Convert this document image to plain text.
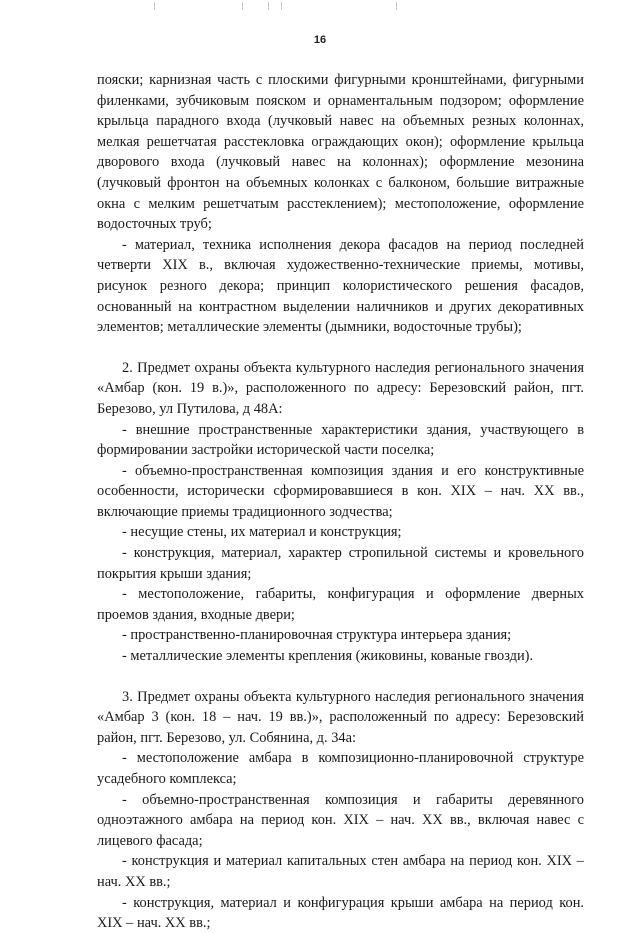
16

пояски; карнизная часть с плоскими фигурными кронштейнами, фигурными филенками, зубчиковым пояском и орнаментальным подзором; оформление крыльца парадного входа (лучковый навес на объемных резных колоннах, мелкая решетчатая расстекловка ограждающих окон); оформление крыльца дворового входа (лучковый навес на колоннах); оформление мезонина (лучковый фронтон на объемных колонках с балконом, большие витражные окна с мелким решетчатым расстеклением); местоположение, оформление водосточных труб;

- материал, техника исполнения декора фасадов на период последней четверти XIX в., включая художественно-технические приемы, мотивы, рисунок резного декора; принцип колористического решения фасадов, основанный на контрастном выделении наличников и других декоративных элементов; металлические элементы (дымники, водосточные трубы);

2. Предмет охраны объекта культурного наследия регионального значения «Амбар (кон. 19 в.)», расположенного по адресу: Березовский район, пгт. Березово, ул Путилова, д 48А:

- внешние пространственные характеристики здания, участвующего в формировании застройки исторической части поселка;

- объемно-пространственная композиция здания и его конструктивные особенности, исторически сформировавшиеся в кон. XIX – нач. XX вв., включающие приемы традиционного зодчества;

- несущие стены, их материал и конструкция;

- конструкция, материал, характер стропильной системы и кровельного покрытия крыши здания;

- местоположение, габариты, конфигурация и оформление дверных проемов здания, входные двери;

- пространственно-планировочная структура интерьера здания;

- металлические элементы крепления (жиковины, кованые гвозди).

3. Предмет охраны объекта культурного наследия регионального значения «Амбар 3 (кон. 18 – нач. 19 вв.)», расположенный по адресу: Березовский район, пгт. Березово, ул. Собянина, д. 34а:

- местоположение амбара в композиционно-планировочной структуре усадебного комплекса;

- объемно-пространственная композиция и габариты деревянного одноэтажного амбара на период кон. XIX – нач. XX вв., включая навес с лицевого фасада;

- конструкция и материал капитальных стен амбара на период кон. XIX – нач. XX вв.;

- конструкция, материал и конфигурация крыши амбара на период кон. XIX – нач. XX вв.;
